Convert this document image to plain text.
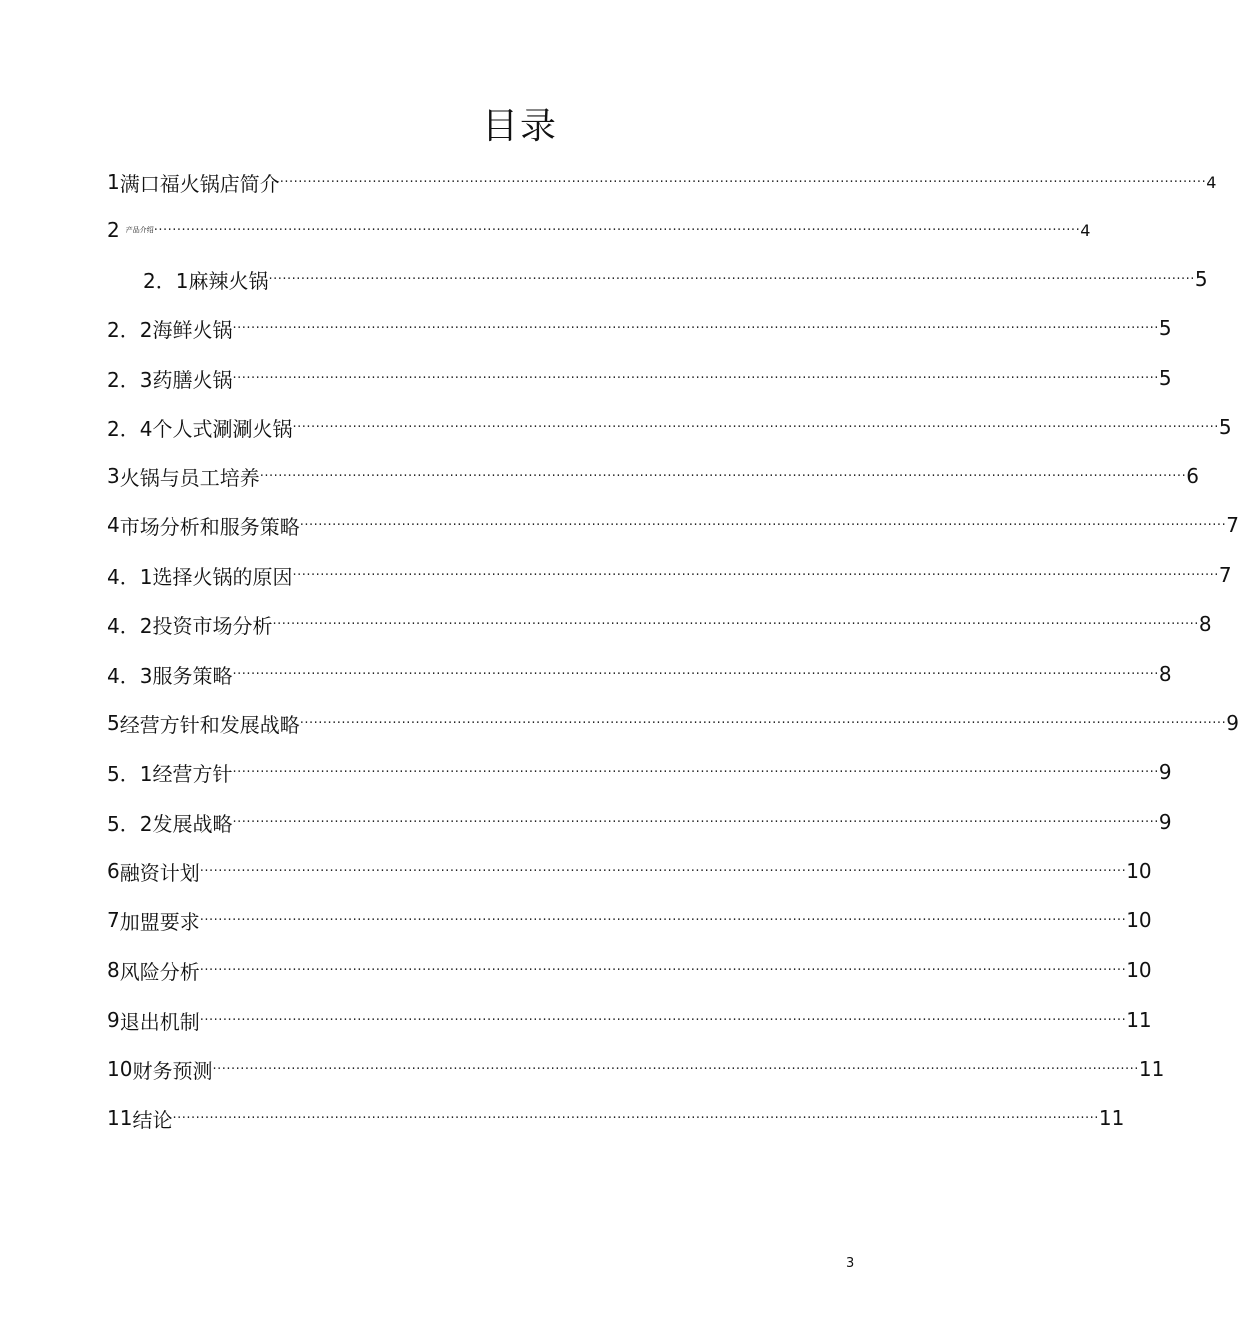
目录
1 满口福火锅店简介 ········································································································································································································ 4
2 产品介绍 ········································································································································································································ 4
2．1 麻辣火锅 ········································································································································································································ 5
2．2 海鲜火锅 ········································································································································································································ 5
2．3 药膳火锅 ········································································································································································································ 5
2．4 个人式涮涮火锅 ········································································································································································································ 5
3 火锅与员工培养 ········································································································································································································ 6
4 市场分析和服务策略 ········································································································································································································ 7
4．1 选择火锅的原因 ········································································································································································································ 7
4．2 投资市场分析 ········································································································································································································ 8
4．3 服务策略 ········································································································································································································ 8
5 经营方针和发展战略 ········································································································································································································ 9
5．1 经营方针 ········································································································································································································ 9
5．2 发展战略 ········································································································································································································ 9
6 融资计划 ········································································································································································································ 10
7 加盟要求 ········································································································································································································ 10
8 风险分析 ········································································································································································································ 10
9 退出机制 ········································································································································································································ 11
10 财务预测 ········································································································································································································ 11
11 结论 ········································································································································································································ 11
3
